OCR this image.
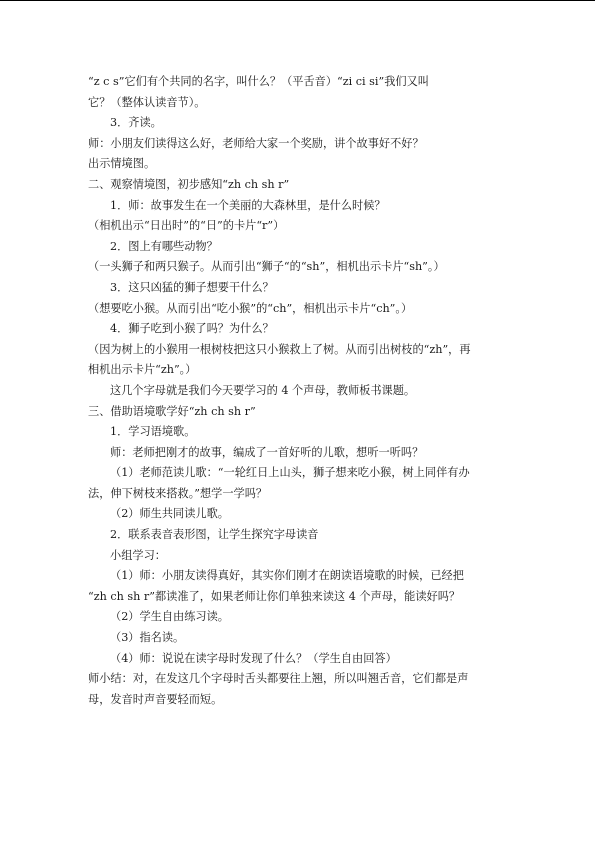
“z c s”它们有个共同的名字，叫什么？（平舌音）“zi ci si”我们又叫
它？（整体认读音节）。
3．齐读。
师：小朋友们读得这么好，老师给大家一个奖励，讲个故事好不好？
出示情境图。
二、观察情境图，初步感知“zh ch sh r”
1．师：故事发生在一个美丽的大森林里，是什么时候？
（相机出示“日出时”的“日”的卡片“r”）
2．图上有哪些动物？
（一头狮子和两只猴子。从而引出“狮子“的“sh”，相机出示卡片“sh”。）
3．这只凶猛的狮子想要干什么？
（想要吃小猴。从而引出“吃小猴”的“ch”，相机出示卡片“ch”。）
4．狮子吃到小猴了吗？为什么？
（因为树上的小猴用一根树枝把这只小猴救上了树。从而引出树枝的“zh”，再
相机出示卡片“zh”。）
这几个字母就是我们今天要学习的 4 个声母，教师板书课题。
三、借助语境歌学好“zh ch sh r”
1．学习语境歌。
师：老师把刚才的故事，编成了一首好听的儿歌，想听一听吗？
（1）老师范读儿歌：“一轮红日上山头，狮子想来吃小猴，树上同伴有办
法，伸下树枝来搭救。”想学一学吗？
（2）师生共同读儿歌。
2．联系表音表形图，让学生探究字母读音
小组学习：
（1）师：小朋友读得真好，其实你们刚才在朗读语境歌的时候，已经把
“zh ch sh r”都读准了，如果老师让你们单独来读这 4 个声母，能读好吗？
（2）学生自由练习读。
（3）指名读。
（4）师：说说在读字母时发现了什么？（学生自由回答）
师小结：对，在发这几个字母时舌头都要往上翘，所以叫翘舌音，它们都是声
母，发音时声音要轻而短。
